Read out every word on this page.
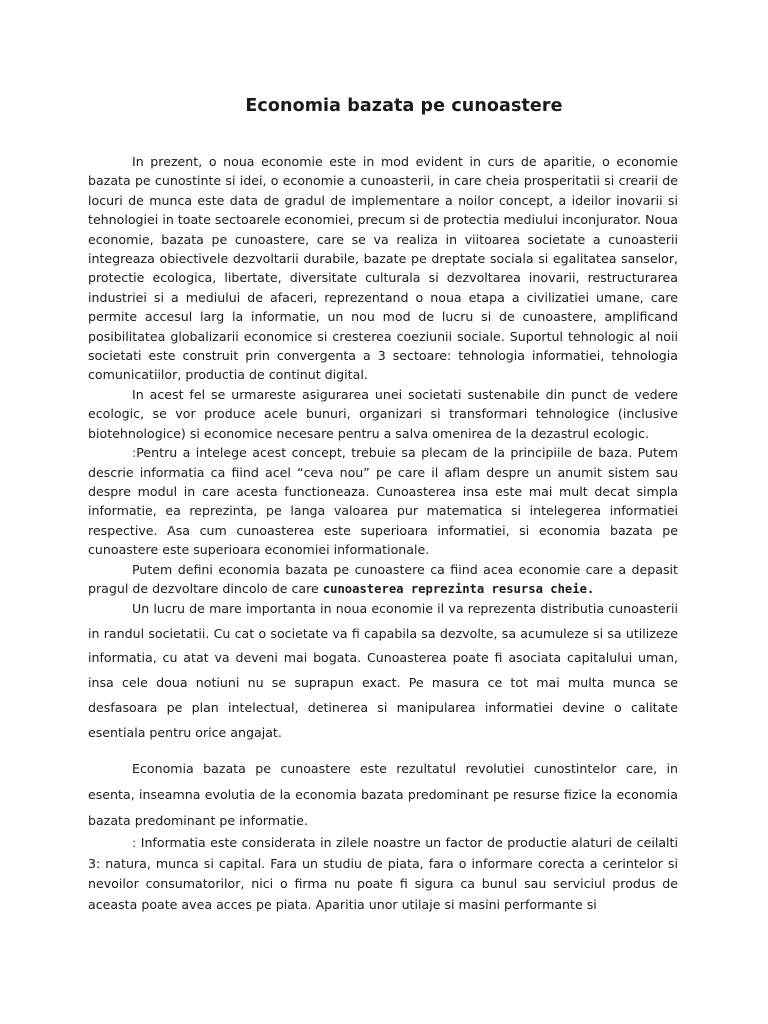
Economia bazata pe cunoastere

In prezent, o noua economie este in mod evident in curs de aparitie, o economie bazata pe cunostinte si idei, o economie a cunoasterii, in care cheia prosperitatii si crearii de locuri de munca este data de gradul de implementare a noilor concept, a ideilor inovarii si tehnologiei in toate sectoarele economiei, precum si de protectia mediului inconjurator. Noua economie, bazata pe cunoastere, care se va realiza in viitoarea societate a cunoasterii integreaza obiectivele dezvoltarii durabile, bazate pe dreptate sociala si egalitatea sanselor, protectie ecologica, libertate, diversitate culturala si dezvoltarea inovarii, restructurarea industriei si a mediului de afaceri, reprezentand o noua etapa a civilizatiei umane, care permite accesul larg la informatie, un nou mod de lucru si de cunoastere, amplificand posibilitatea globalizarii economice si cresterea coeziunii sociale. Suportul tehnologic al noii societati este construit prin convergenta a 3 sectoare: tehnologia informatiei, tehnologia comunicatiilor, productia de continut digital.

In acest fel se urmareste asigurarea unei societati sustenabile din punct de vedere ecologic, se vor produce acele bunuri, organizari si transformari tehnologice (inclusive biotehnologice) si economice necesare pentru a salva omenirea de la dezastrul ecologic.

:Pentru a intelege acest concept, trebuie sa plecam de la principiile de baza. Putem descrie informatia ca fiind acel “ceva nou” pe care il aflam despre un anumit sistem sau despre modul in care acesta functioneaza. Cunoasterea insa este mai mult decat simpla informatie, ea reprezinta, pe langa valoarea pur matematica si intelegerea informatiei respective. Asa cum cunoasterea este superioara informatiei, si economia bazata pe cunoastere este superioara economiei informationale.

Putem defini economia bazata pe cunoastere ca fiind acea economie care a depasit pragul de dezvoltare dincolo de care cunoasterea reprezinta resursa cheie.

Un lucru de mare importanta in noua economie il va reprezenta distributia cunoasterii in randul societatii. Cu cat o societate va fi capabila sa dezvolte, sa acumuleze si sa utilizeze informatia, cu atat va deveni mai bogata. Cunoasterea poate fi asociata capitalului uman, insa cele doua notiuni nu se suprapun exact. Pe masura ce tot mai multa munca se desfasoara pe plan intelectual, detinerea si manipularea informatiei devine o calitate esentiala pentru orice angajat.

Economia bazata pe cunoastere este rezultatul revolutiei cunostintelor care, in esenta, inseamna evolutia de la economia bazata predominant pe resurse fizice la economia bazata predominant pe informatie.

: Informatia este considerata in zilele noastre un factor de productie alaturi de ceilalti 3: natura, munca si capital. Fara un studiu de piata, fara o informare corecta a cerintelor si nevoilor consumatorilor, nici o firma nu poate fi sigura ca bunul sau serviciul produs de aceasta poate avea acces pe piata. Aparitia unor utilaje si masini performante si
